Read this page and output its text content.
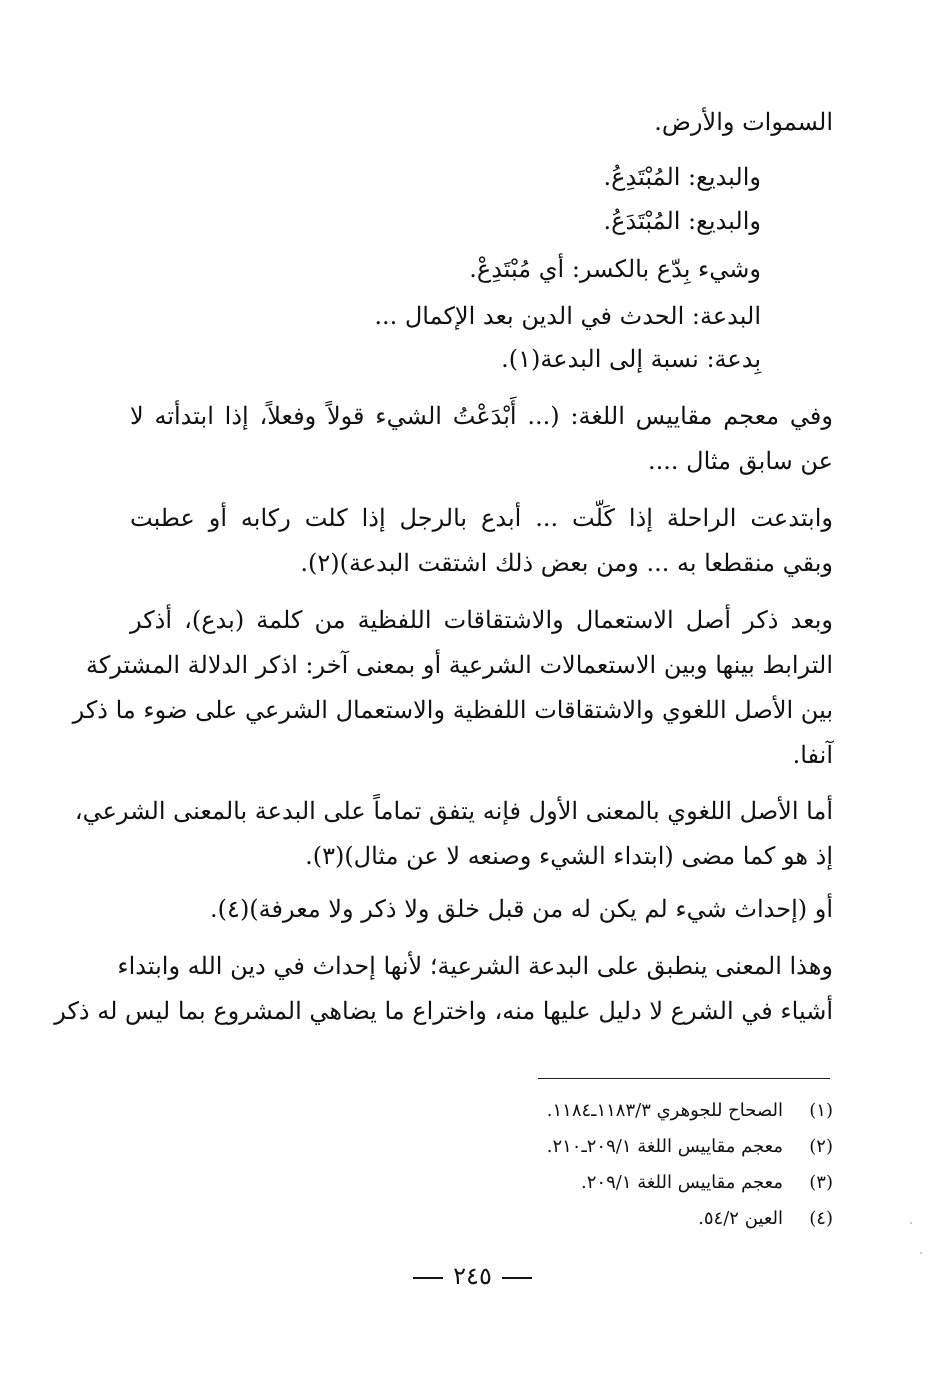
السموات والأرض.
والبديع: المُبْتَدِعُ.
والبديع: المُبْتَدَعُ.
وشيء بِدّع بالكسر: أي مُبْتَدِعْ.
البدعة: الحدث في الدين بعد الإكمال ...
بِدعة: نسبة إلى البدعة(١).
وفي معجم مقاييس اللغة: (... أَبْدَعْتُ الشيء قولاً وفعلاً، إذا ابتدأته لا
عن سابق مثال ....
وابتدعت الراحلة إذا كَلّت ... أبدع بالرجل إذا كلت ركابه أو عطبت
وبقي منقطعا به ... ومن بعض ذلك اشتقت البدعة)(٢).
وبعد ذكر أصل الاستعمال والاشتقاقات اللفظية من كلمة (بدع)، أذكر
الترابط بينها وبين الاستعمالات الشرعية أو بمعنى آخر: اذكر الدلالة المشتركة
بين الأصل اللغوي والاشتقاقات اللفظية والاستعمال الشرعي على ضوء ما ذكر
آنفا.
أما الأصل اللغوي بالمعنى الأول فإنه يتفق تماماً على البدعة بالمعنى الشرعي،
إذ هو كما مضى (ابتداء الشيء وصنعه لا عن مثال)(٣).
أو (إحداث شيء لم يكن له من قبل خلق ولا ذكر ولا معرفة)(٤).
وهذا المعنى ينطبق على البدعة الشرعية؛ لأنها إحداث في دين الله وابتداء
أشياء في الشرع لا دليل عليها منه، واختراع ما يضاهي المشروع بما ليس له ذكر
(١)الصحاح للجوهري ١١٨٣/٣ـ١١٨٤.
(٢)معجم مقاييس اللغة ٢٠٩/١ـ٢١٠.
(٣)معجم مقاييس اللغة ٢٠٩/١.
(٤)العين ٥٤/٢.
٢٤٥
